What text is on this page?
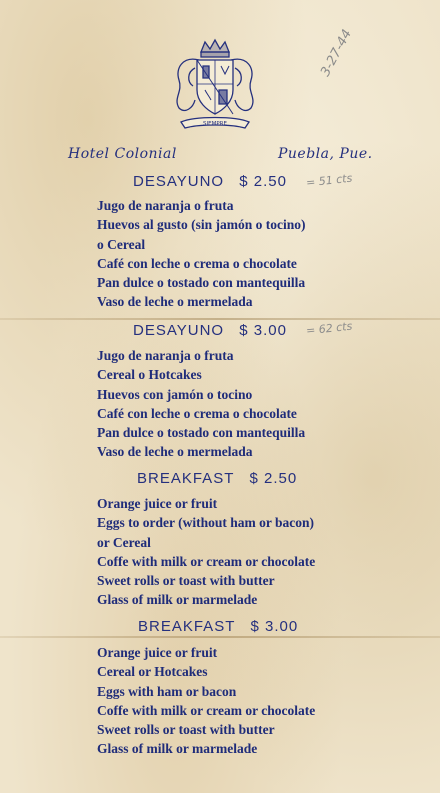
SIEMPRE
3-27-44
Hotel Colonial	Puebla, Pue.
DESAYUNO $ 2.50	= 51 cts
Jugo de naranja o fruta
Huevos al gusto (sin jamón o tocino)
o Cereal
Café con leche o crema o chocolate
Pan dulce o tostado con mantequilla
Vaso de leche o mermelada
DESAYUNO $ 3.00	= 62 cts
Jugo de naranja o fruta
Cereal o Hotcakes
Huevos con jamón o tocino
Café con leche o crema o chocolate
Pan dulce o tostado con mantequilla
Vaso de leche o mermelada
BREAKFAST $ 2.50
Orange juice or fruit
Eggs to order (without ham or bacon)
or Cereal
Coffe with milk or cream or chocolate
Sweet rolls or toast with butter
Glass of milk or marmelade
BREAKFAST $ 3.00
Orange juice or fruit
Cereal or Hotcakes
Eggs with ham or bacon
Coffe with milk or cream or chocolate
Sweet rolls or toast with butter
Glass of milk or marmelade
